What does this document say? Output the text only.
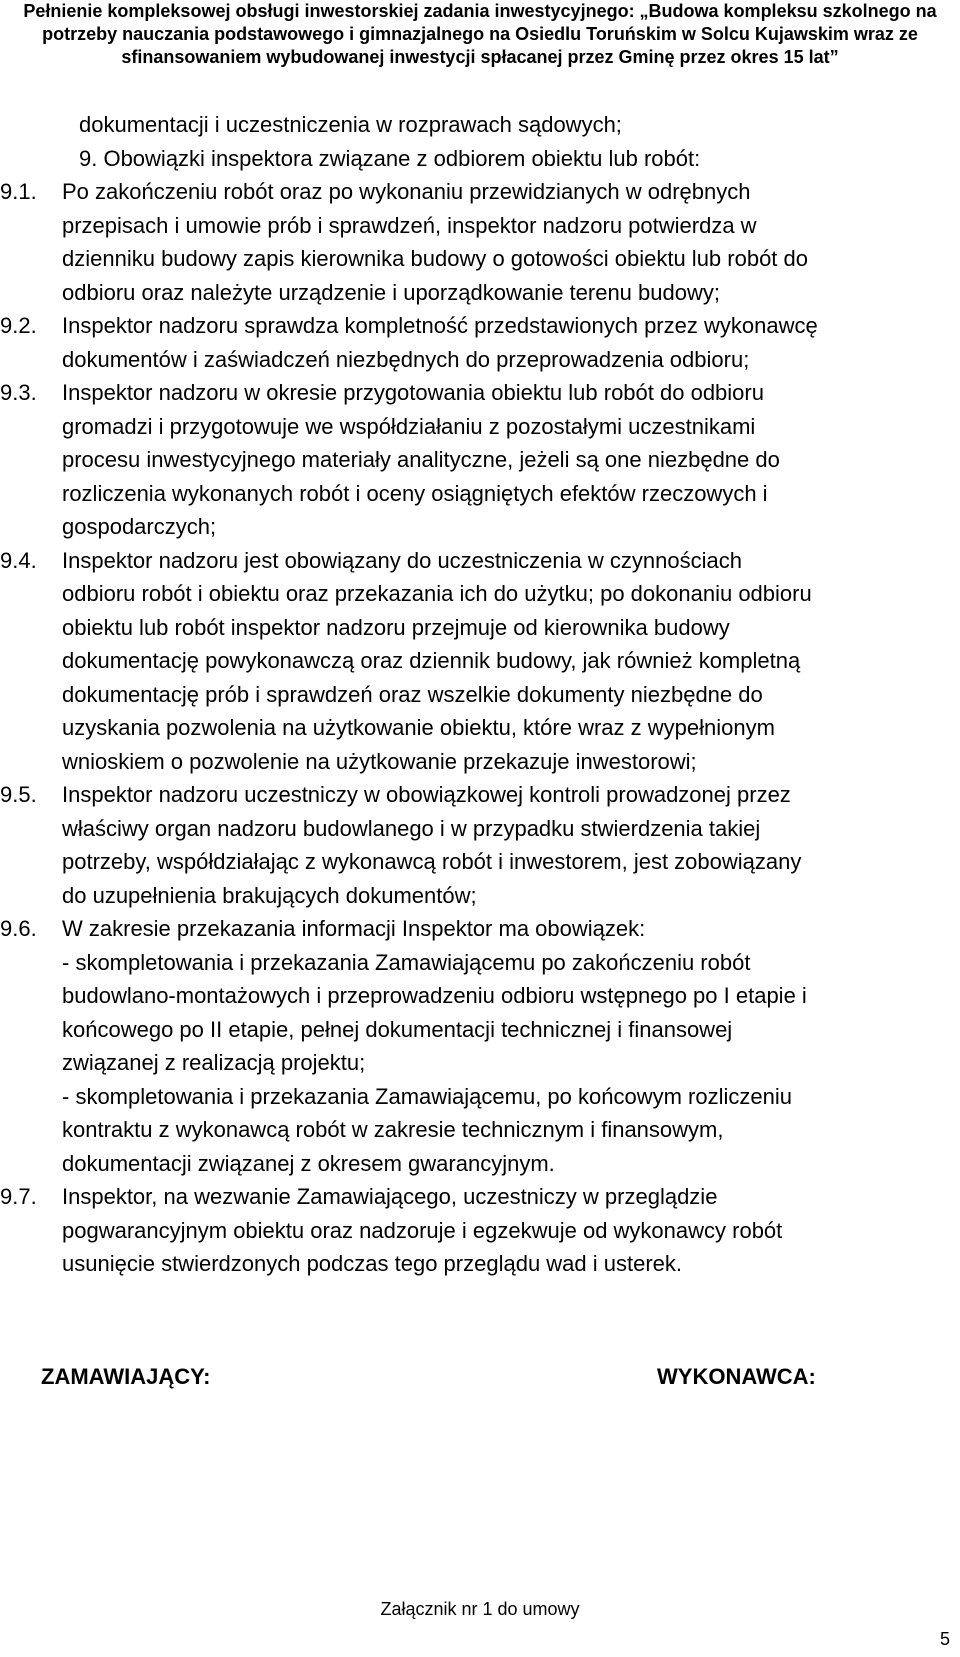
Pełnienie kompleksowej obsługi inwestorskiej zadania inwestycyjnego: „Budowa kompleksu szkolnego na
potrzeby nauczania podstawowego i gimnazjalnego na Osiedlu Toruńskim w Solcu Kujawskim wraz ze
sfinansowaniem wybudowanej inwestycji spłacanej przez Gminę przez okres 15 lat”
dokumentacji i uczestniczenia w rozprawach sądowych;
9. Obowiązki inspektora związane z odbiorem obiektu lub robót:
9.1. Po zakończeniu robót oraz po wykonaniu przewidzianych w odrębnych
przepisach i umowie prób i sprawdzeń, inspektor nadzoru potwierdza w
dzienniku budowy zapis kierownika budowy o gotowości obiektu lub robót do
odbioru oraz należyte urządzenie i uporządkowanie terenu budowy;
9.2. Inspektor nadzoru sprawdza kompletność przedstawionych przez wykonawcę
dokumentów i zaświadczeń niezbędnych do przeprowadzenia odbioru;
9.3. Inspektor nadzoru w okresie przygotowania obiektu lub robót do odbioru
gromadzi i przygotowuje we współdziałaniu z pozostałymi uczestnikami
procesu inwestycyjnego materiały analityczne, jeżeli są one niezbędne do
rozliczenia wykonanych robót i oceny osiągniętych efektów rzeczowych i
gospodarczych;
9.4. Inspektor nadzoru jest obowiązany do uczestniczenia w czynnościach
odbioru robót i obiektu oraz przekazania ich do użytku; po dokonaniu odbioru
obiektu lub robót inspektor nadzoru przejmuje od kierownika budowy
dokumentację powykonawczą oraz dziennik budowy, jak również kompletną
dokumentację prób i sprawdzeń oraz wszelkie dokumenty niezbędne do
uzyskania pozwolenia na użytkowanie obiektu, które wraz z wypełnionym
wnioskiem o pozwolenie na użytkowanie przekazuje inwestorowi;
9.5. Inspektor nadzoru uczestniczy w obowiązkowej kontroli prowadzonej przez
właściwy organ nadzoru budowlanego i w przypadku stwierdzenia takiej
potrzeby, współdziałając z wykonawcą robót i inwestorem, jest zobowiązany
do uzupełnienia brakujących dokumentów;
9.6. W zakresie przekazania informacji Inspektor ma obowiązek:
- skompletowania i przekazania Zamawiającemu po zakończeniu robót
budowlano-montażowych i przeprowadzeniu odbioru wstępnego po I etapie i
końcowego po II etapie, pełnej dokumentacji technicznej i finansowej
związanej z realizacją projektu;
- skompletowania i przekazania Zamawiającemu, po końcowym rozliczeniu
kontraktu z wykonawcą robót w zakresie technicznym i finansowym,
dokumentacji związanej z okresem gwarancyjnym.
9.7. Inspektor, na wezwanie Zamawiającego, uczestniczy w przeglądzie
pogwarancyjnym obiektu oraz nadzoruje i egzekwuje od wykonawcy robót
usunięcie stwierdzonych podczas tego przeglądu wad i usterek.
ZAMAWIAJĄCY:	WYKONAWCA:
Załącznik nr 1 do umowy
5
